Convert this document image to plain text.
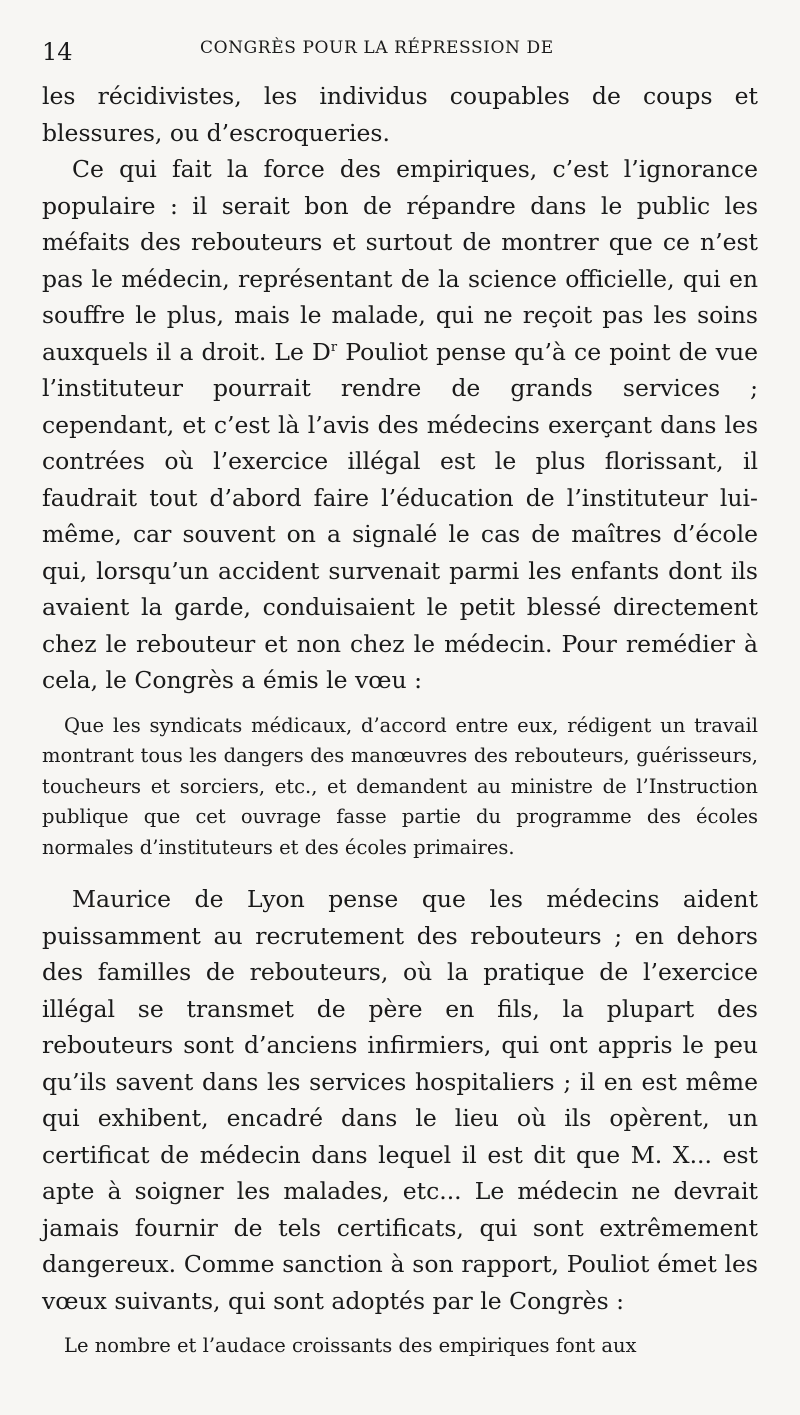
14	CONGRÈS POUR LA RÉPRESSION DE

les récidivistes, les individus coupables de coups et blessures, ou d’escroqueries.

Ce qui fait la force des empiriques, c’est l’ignorance populaire : il serait bon de répandre dans le public les méfaits des rebouteurs et surtout de montrer que ce n’est pas le médecin, représentant de la science officielle, qui en souffre le plus, mais le malade, qui ne reçoit pas les soins auxquels il a droit. Le $D^r$ Pouliot pense qu’à ce point de vue l’instituteur pourrait rendre de grands services ; cependant, et c’est là l’avis des médecins exerçant dans les contrées où l’exercice illégal est le plus florissant, il faudrait tout d’abord faire l’éducation de l’instituteur lui-même, car souvent on a signalé le cas de maîtres d’école qui, lorsqu’un accident survenait parmi les enfants dont ils avaient la garde, conduisaient le petit blessé directement chez le rebouteur et non chez le médecin. Pour remédier à cela, le Congrès a émis le vœu :

Que les syndicats médicaux, d’accord entre eux, rédigent un travail montrant tous les dangers des manœuvres des rebouteurs, guérisseurs, toucheurs et sorciers, etc., et demandent au ministre de l’Instruction publique que cet ouvrage fasse partie du programme des écoles normales d’instituteurs et des écoles primaires.

Maurice de Lyon pense que les médecins aident puissamment au recrutement des rebouteurs ; en dehors des familles de rebouteurs, où la pratique de l’exercice illégal se transmet de père en fils, la plupart des rebouteurs sont d’anciens infirmiers, qui ont appris le peu qu’ils savent dans les services hospitaliers ; il en est même qui exhibent, encadré dans le lieu où ils opèrent, un certificat de médecin dans lequel il est dit que M. X... est apte à soigner les malades, etc... Le médecin ne devrait jamais fournir de tels certificats, qui sont extrêmement dangereux. Comme sanction à son rapport, Pouliot émet les vœux suivants, qui sont adoptés par le Congrès :

Le nombre et l’audace croissants des empiriques font aux
